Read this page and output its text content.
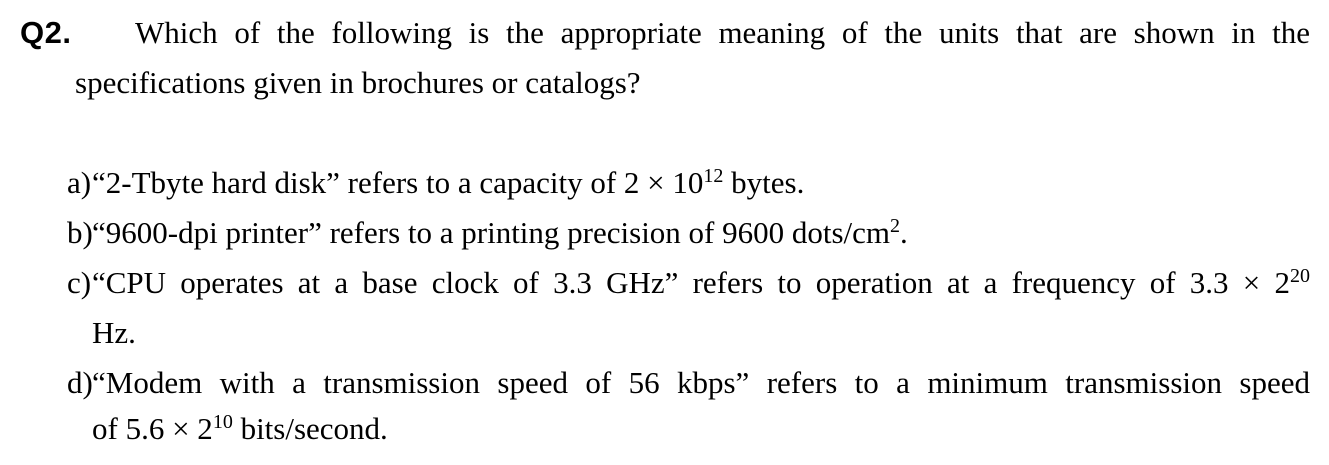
Q2. Which of the following is the appropriate meaning of the units that are shown in the
specifications given in brochures or catalogs?
a) “2-Tbyte hard disk” refers to a capacity of $2 \times 10^{12}$ bytes.
b) “9600-dpi printer” refers to a printing precision of 9600 dots/$cm^2$.
c) “CPU operates at a base clock of 3.3 GHz” refers to operation at a frequency of $3.3 \times 2^{20}$
Hz.
d) “Modem with a transmission speed of 56 kbps” refers to a minimum transmission speed
of $5.6 \times 2^{10}$ bits/second.
